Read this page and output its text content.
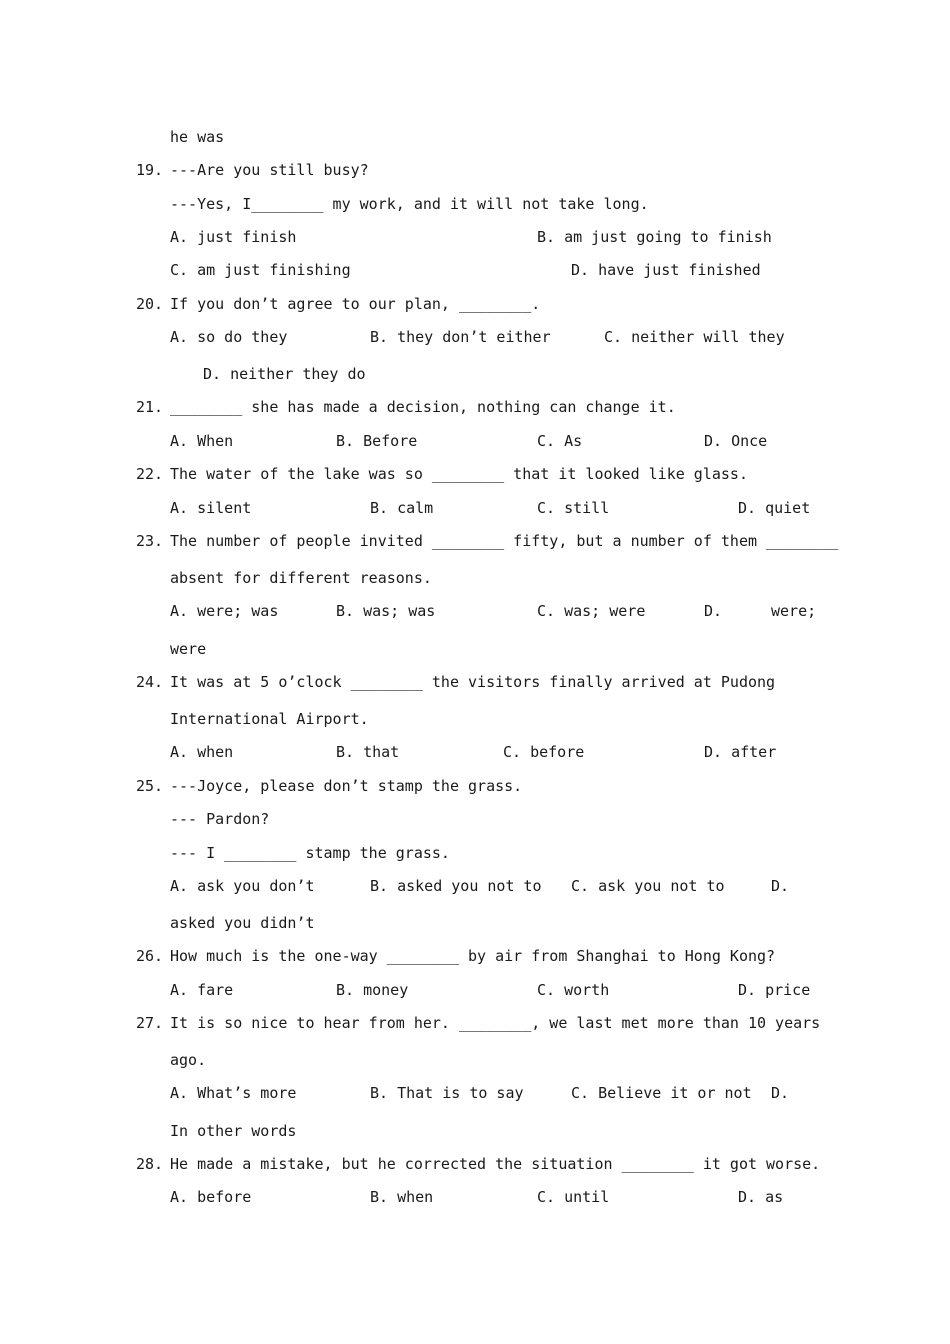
he was
19. ---Are you still busy?
---Yes, I________ my work, and it will not take long.
A. just finish	B. am just going to finish
C. am just finishing	D. have just finished
20. If you don’t agree to our plan, ________.
A. so do they	B. they don’t either	C. neither will they
D. neither they do
21. ________ she has made a decision, nothing can change it.
A. When	B. Before	C. As	D. Once
22. The water of the lake was so ________ that it looked like glass.
A. silent	B. calm	C. still	D. quiet
23. The number of people invited ________ fifty, but a number of them ________
absent for different reasons.
A. were; was	B. was; was	C. was; were	D.	were;
were
24. It was at 5 o’clock ________ the visitors finally arrived at Pudong
International Airport.
A. when	B. that	C. before	D. after
25. ---Joyce, please don’t stamp the grass.
--- Pardon?
--- I ________ stamp the grass.
A. ask you don’t	B. asked you not to C. ask you not to	D.
asked you didn’t
26. How much is the one-way ________ by air from Shanghai to Hong Kong?
A. fare	B. money	C. worth	D. price
27. It is so nice to hear from her. ________, we last met more than 10 years
ago.
A. What’s more	B. That is to say	C. Believe it or not D.
In other words
28. He made a mistake, but he corrected the situation ________ it got worse.
A. before	B. when	C. until	D. as
